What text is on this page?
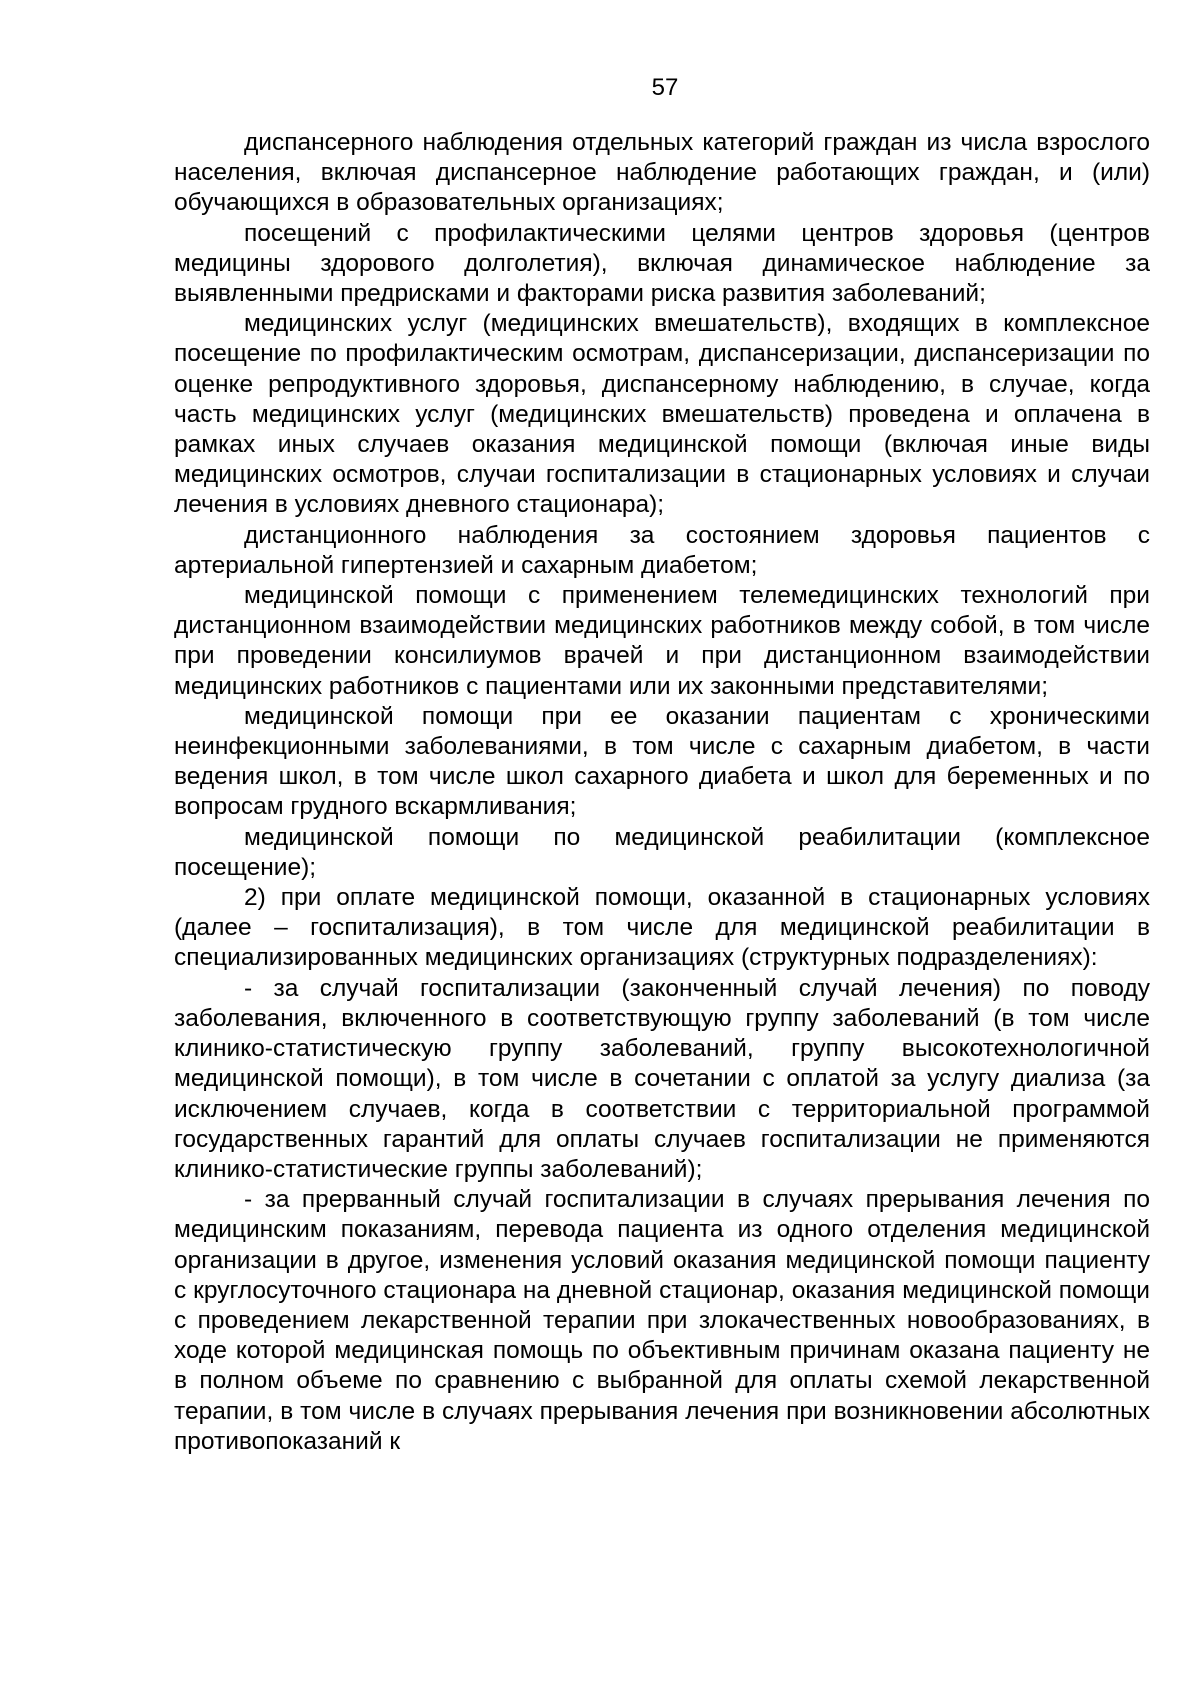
57

диспансерного наблюдения отдельных категорий граждан из числа взрослого населения, включая диспансерное наблюдение работающих граждан, и (или) обучающихся в образовательных организациях;

посещений с профилактическими целями центров здоровья (центров медицины здорового долголетия), включая динамическое наблюдение за выявленными предрисками и факторами риска развития заболеваний;

медицинских услуг (медицинских вмешательств), входящих в комплексное посещение по профилактическим осмотрам, диспансеризации, диспансеризации по оценке репродуктивного здоровья, диспансерному наблюдению, в случае, когда часть медицинских услуг (медицинских вмешательств) проведена и оплачена в рамках иных случаев оказания медицинской помощи (включая иные виды медицинских осмотров, случаи госпитализации в стационарных условиях и случаи лечения в условиях дневного стационара);

дистанционного наблюдения за состоянием здоровья пациентов с артериальной гипертензией и сахарным диабетом;

медицинской помощи с применением телемедицинских технологий при дистанционном взаимодействии медицинских работников между собой, в том числе при проведении консилиумов врачей и при дистанционном взаимодействии медицинских работников с пациентами или их законными представителями;

медицинской помощи при ее оказании пациентам с хроническими неинфекционными заболеваниями, в том числе с сахарным диабетом, в части ведения школ, в том числе школ сахарного диабета и школ для беременных и по вопросам грудного вскармливания;

медицинской помощи по медицинской реабилитации (комплексное посещение);

2) при оплате медицинской помощи, оказанной в стационарных условиях (далее – госпитализация), в том числе для медицинской реабилитации в специализированных медицинских организациях (структурных подразделениях):

- за случай госпитализации (законченный случай лечения) по поводу заболевания, включенного в соответствующую группу заболеваний (в том числе клинико-статистическую группу заболеваний, группу высокотехнологичной медицинской помощи), в том числе в сочетании с оплатой за услугу диализа (за исключением случаев, когда в соответствии с территориальной программой государственных гарантий для оплаты случаев госпитализации не применяются клинико-статистические группы заболеваний);

- за прерванный случай госпитализации в случаях прерывания лечения по медицинским показаниям, перевода пациента из одного отделения медицинской организации в другое, изменения условий оказания медицинской помощи пациенту с круглосуточного стационара на дневной стационар, оказания медицинской помощи с проведением лекарственной терапии при злокачественных новообразованиях, в ходе которой медицинская помощь по объективным причинам оказана пациенту не в полном объеме по сравнению с выбранной для оплаты схемой лекарственной терапии, в том числе в случаях прерывания лечения при возникновении абсолютных противопоказаний к
